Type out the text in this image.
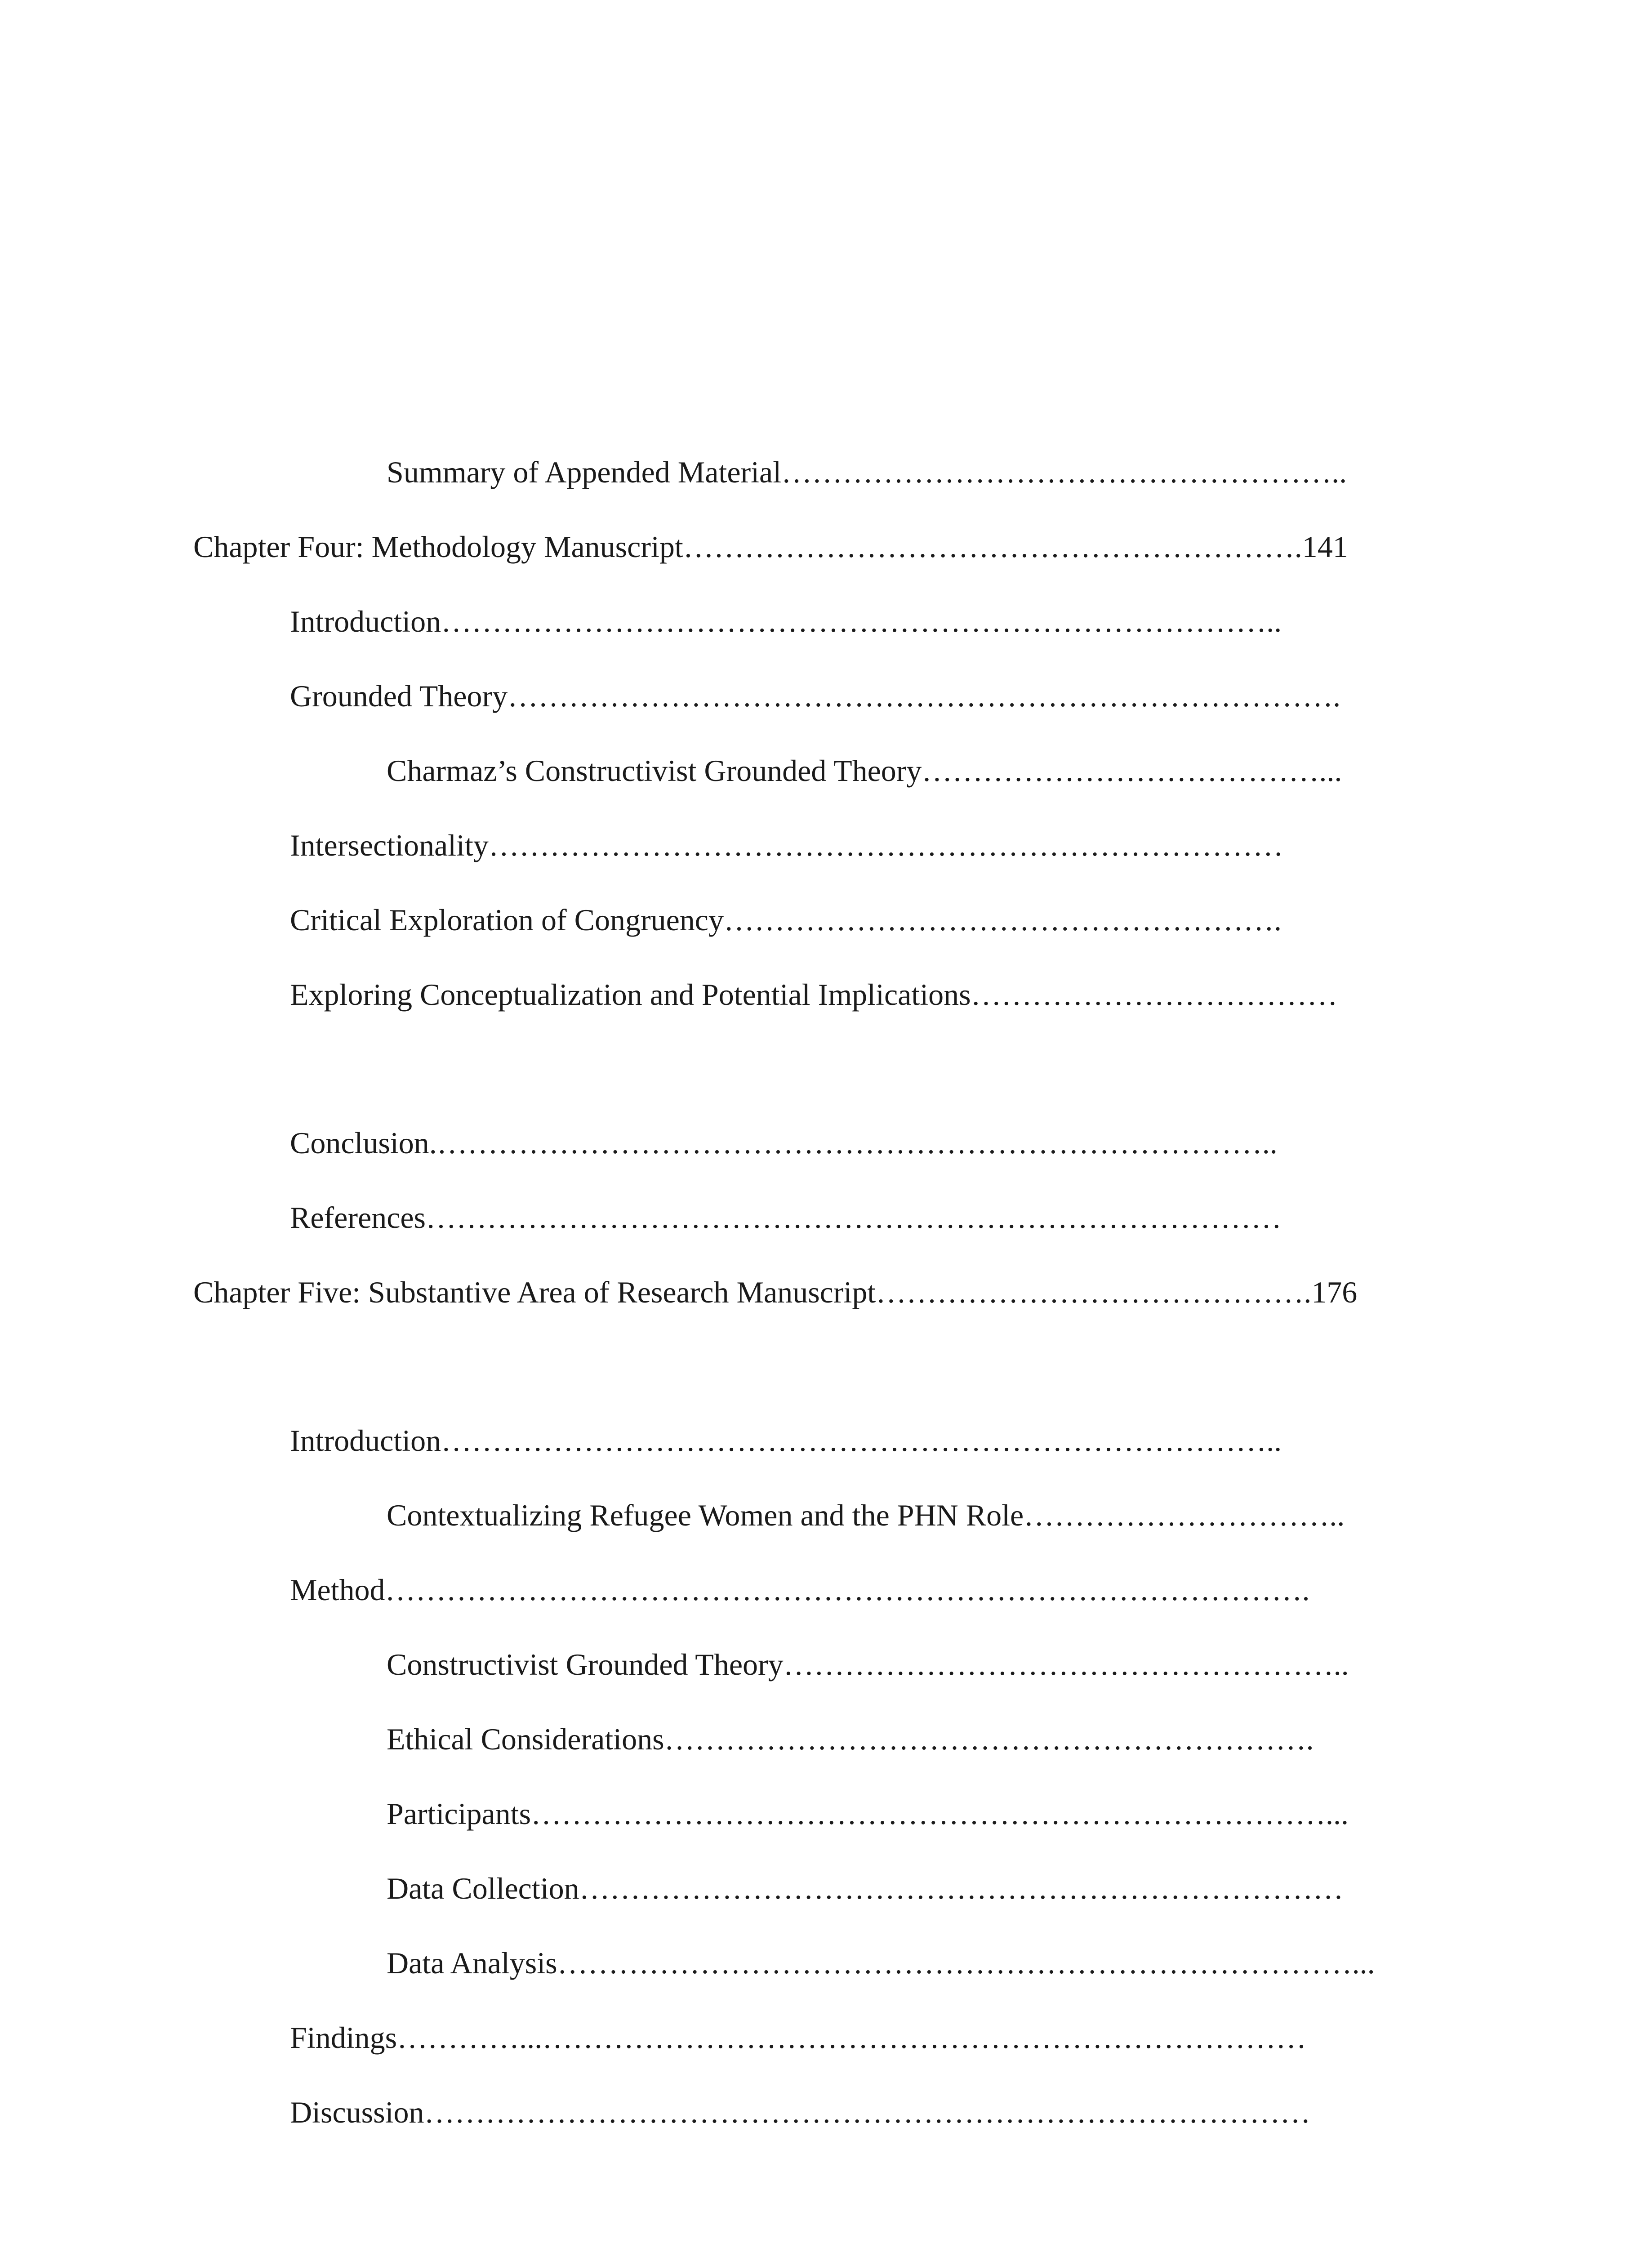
Summary of Appended Material………………………………………………..
Chapter Four: Methodology Manuscript…………………………………………………….141
Introduction………………………………………………………………………..
Grounded Theory……………………………………………………………………….
Charmaz’s Constructivist Grounded Theory…………………………………...
Intersectionality……………………………………………………………………
Critical Exploration of Congruency……………………………………………….
Exploring Conceptualization and Potential Implications………………………………
Conclusion.………………………………………………………………………..
References…………………………………………………………………………
Chapter Five: Substantive Area of Research Manuscript…………………………………….176
Introduction………………………………………………………………………..
Contextualizing Refugee Women and the PHN Role…………………………..
Method……………………………………………………………………………….
Constructivist Grounded Theory………………………………………………..
Ethical Considerations……………………………………………………….
Participants……………………………………………………………………...
Data Collection…………………………………………………………………
Data Analysis……………………………………………………………………...
Findings…………...…………………………………………………………………
Discussion……………………………………………………………………………
